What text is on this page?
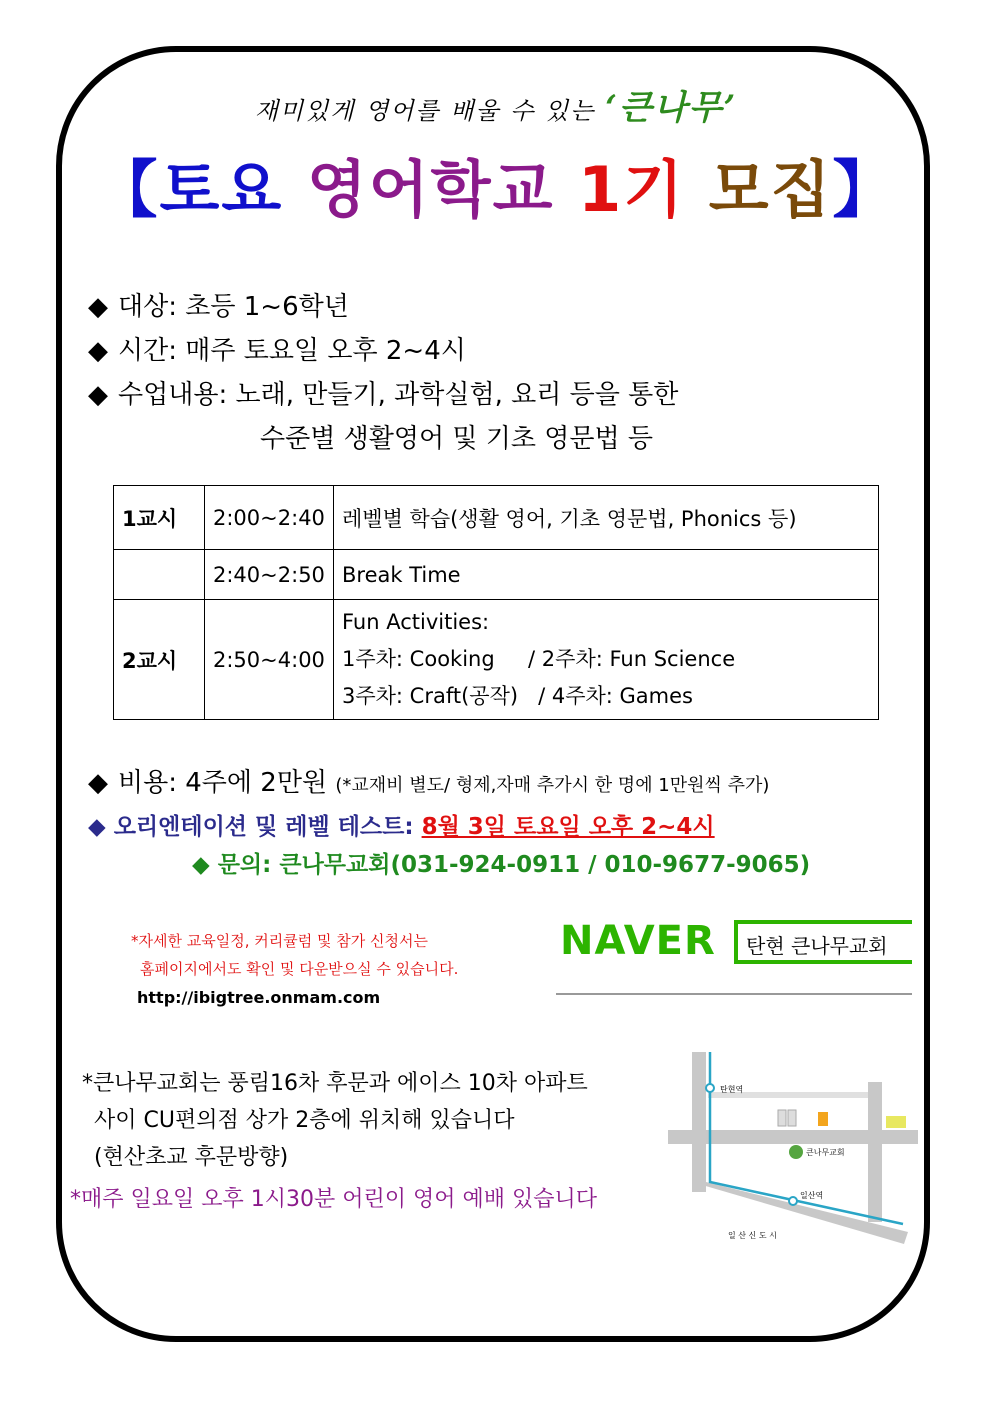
재미있게 영어를 배울 수 있는 ‘큰나무’
【토요 영어학교 1기 모집】
◆ 대상: 초등 1~6학년
◆ 시간: 매주 토요일 오후 2~4시
◆ 수업내용: 노래, 만들기, 과학실험, 요리 등을 통한
수준별 생활영어 및 기초 영문법 등
1교시	2:00~2:40	레벨별 학습(생활 영어, 기초 영문법, Phonics 등)
	2:40~2:50	Break Time
2교시	2:50~4:00	Fun Activities:
1주차: Cooking     / 2주차: Fun Science
3주차: Craft(공작)   / 4주차: Games
◆ 비용: 4주에 2만원 (*교재비 별도/ 형제,자매 추가시 한 명에 1만원씩 추가)
◆ 오리엔테이션 및 레벨 테스트: 8월 3일 토요일 오후 2~4시
◆ 문의: 큰나무교회(031-924-0911 / 010-9677-9065)
*자세한 교육일정, 커리큘럼 및 참가 신청서는
홈페이지에서도 확인 및 다운받으실 수 있습니다.
http://ibigtree.onmam.com
NAVER	탄현 큰나무교회
*큰나무교회는 풍림16차 후문과 에이스 10차 아파트
사이 CU편의점 상가 2층에 위치해 있습니다
(현산초교 후문방향)
*매주 일요일 오후 1시30분 어린이 영어 예배 있습니다
탄현역
일산역
큰나무교회
일 산 신 도 시
